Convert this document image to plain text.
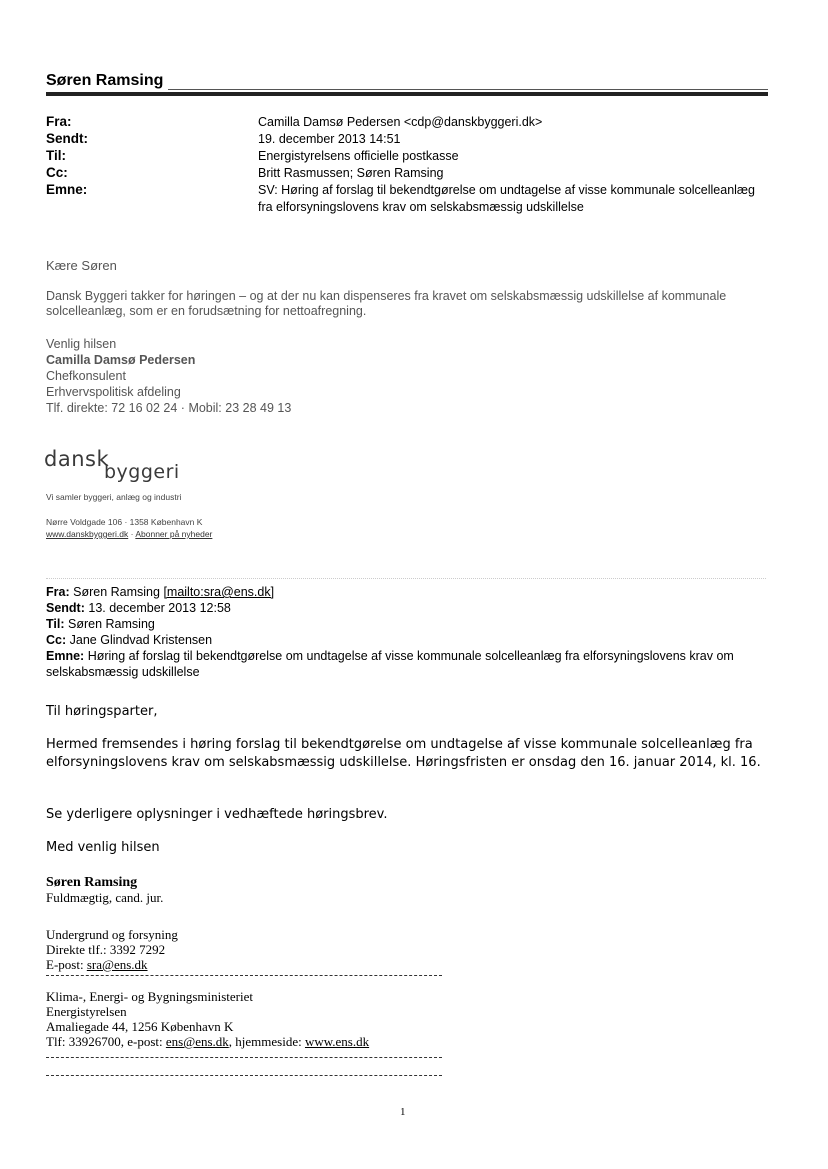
Søren Ramsing
Fra:	Camilla Damsø Pedersen <cdp@danskbyggeri.dk>
Sendt:	19. december 2013 14:51
Til:	Energistyrelsens officielle postkasse
Cc:	Britt Rasmussen; Søren Ramsing
Emne:	SV: Høring af forslag til bekendtgørelse om undtagelse af visse kommunale solcelleanlæg fra elforsyningslovens krav om selskabsmæssig udskillelse
Kære Søren
Dansk Byggeri takker for høringen – og at der nu kan dispenseres fra kravet om selskabsmæssig udskillelse af kommunale solcelleanlæg, som er en forudsætning for nettoafregning.
Venlig hilsen
Camilla Damsø Pedersen
Chefkonsulent
Erhvervspolitisk afdeling
Tlf. direkte: 72 16 02 24 · Mobil: 23 28 49 13
dansk
byggeri
Vi samler byggeri, anlæg og industri
Nørre Voldgade 106 · 1358 København K
www.danskbyggeri.dk · Abonner på nyheder
Fra: Søren Ramsing [mailto:sra@ens.dk]
Sendt: 13. december 2013 12:58
Til: Søren Ramsing
Cc: Jane Glindvad Kristensen
Emne: Høring af forslag til bekendtgørelse om undtagelse af visse kommunale solcelleanlæg fra elforsyningslovens krav om selskabsmæssig udskillelse
Til høringsparter,
Hermed fremsendes i høring forslag til bekendtgørelse om undtagelse af visse kommunale solcelleanlæg fra elforsyningslovens krav om selskabsmæssig udskillelse. Høringsfristen er onsdag den 16. januar 2014, kl. 16.
Se yderligere oplysninger i vedhæftede høringsbrev.
Med venlig hilsen
Søren Ramsing
Fuldmægtig, cand. jur.
Undergrund og forsyning
Direkte tlf.: 3392 7292
E-post: sra@ens.dk
Klima-, Energi- og Bygningsministeriet
Energistyrelsen
Amaliegade 44, 1256 København K
Tlf: 33926700, e-post: ens@ens.dk, hjemmeside: www.ens.dk
1
